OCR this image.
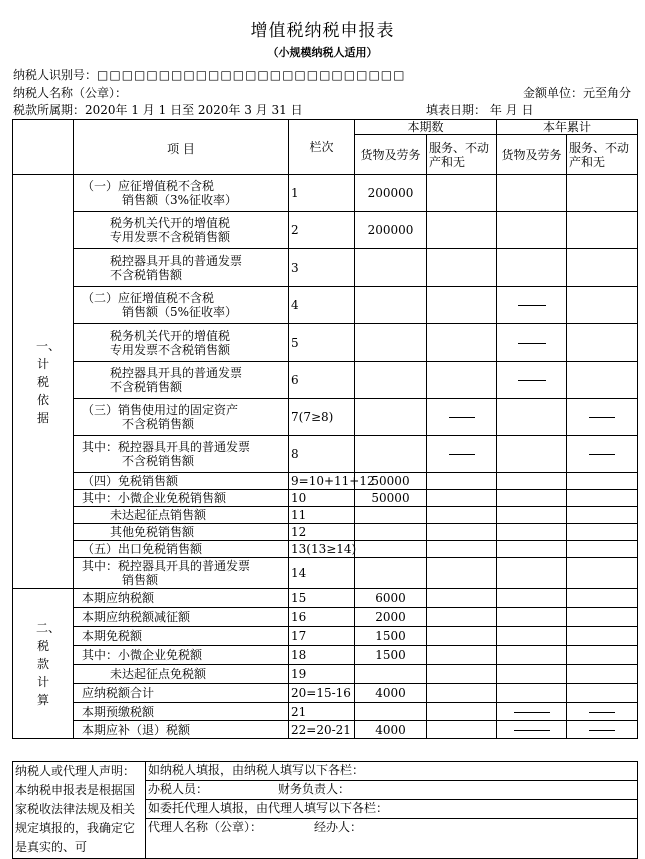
增值税纳税申报表
（小规模纳税人适用）
纳税人识别号：□□□□□□□□□□□□□□□□□□□□□□□□□
纳税人名称（公章）：	金额单位：元至角分
税款所属期：2020年 1 月 1 日至 2020年 3 月 31 日	填表日期： 年 月 日
	项 目	栏次	本期数		本年累计	
			货物及劳务	服务、不动产和无	货物及劳务	服务、不动产和无

一、计税依据	（一）应征增值税不含税
销售额（3%征收率）	1	200000			
	税务机关代开的增值税
专用发票不含税销售额	2	200000			
	税控器具开具的普通发票
不含税销售额	3				
	（二）应征增值税不含税
销售额（5%征收率）	4				
	税务机关代开的增值税
专用发票不含税销售额	5				
	税控器具开具的普通发票
不含税销售额	6				
	（三）销售使用过的固定资产
不含税销售额	7(7≥8)				
	其中：税控器具开具的普通发票
不含税销售额	8				
	（四）免税销售额	9=10+11+12	50000			
	其中：小微企业免税销售额	10	50000			
	未达起征点销售额	11				
	其他免税销售额	12				
	（五）出口免税销售额	13(13≥14)				
	其中：税控器具开具的普通发票
销售额	14				

二、税款计算	本期应纳税额	15	6000			
	本期应纳税额减征额	16	2000			
	本期免税额	17	1500			
	其中：小微企业免税额	18	1500			
	未达起征点免税额	19				
	应纳税额合计	20=15-16	4000			
	本期预缴税额	21				
	本期应补（退）税额	22=20-21	4000			
纳税人或代理人声明：本纳税申报表是根据国家税收法律法规及相关规定填报的，我确定它是真实的、可	如纳税人填报，由纳税人填写以下各栏：
办税人员：	财务负责人：
如委托代理人填报，由代理人填写以下各栏：
代理人名称（公章）：	经办人：
